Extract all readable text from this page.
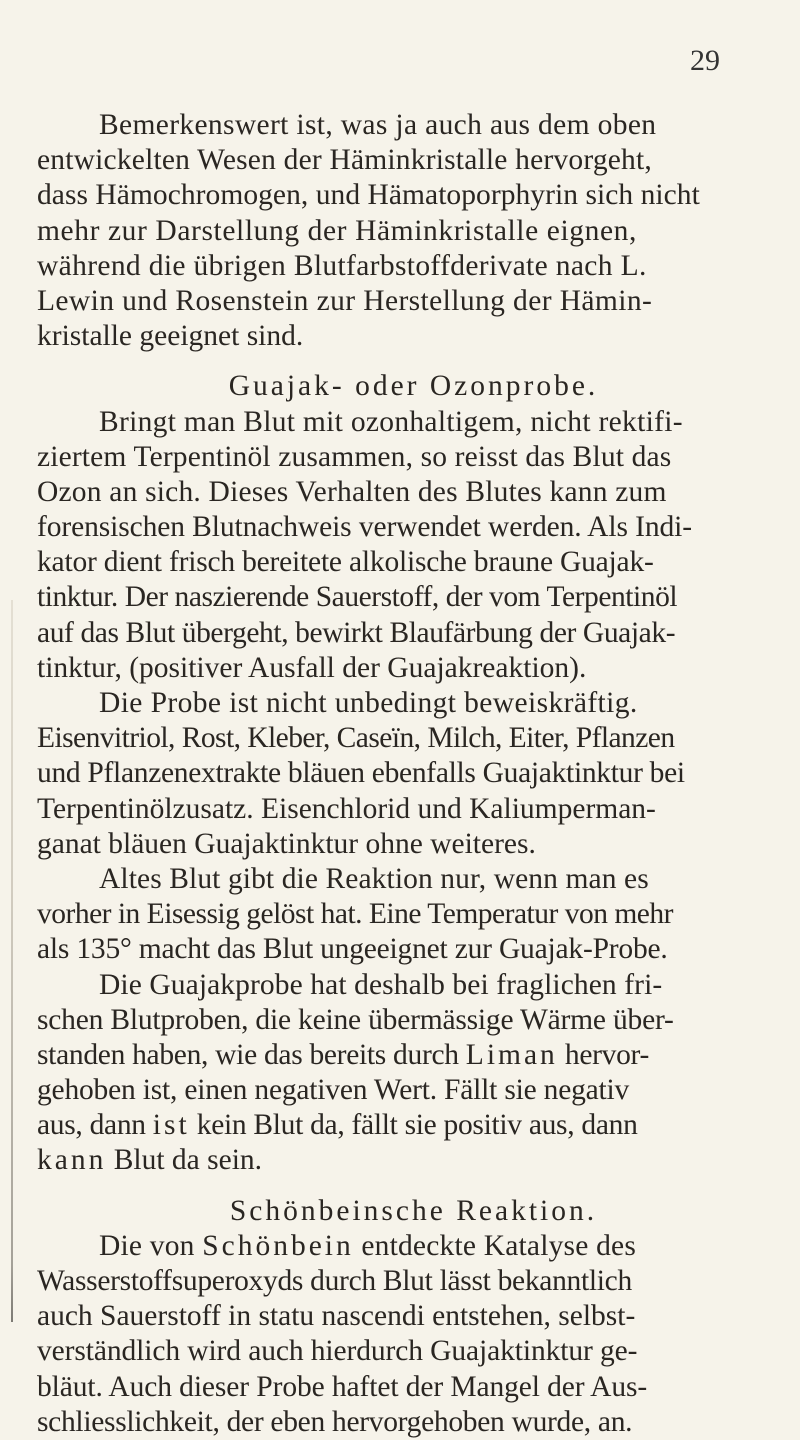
29
Bemerkenswert ist, was ja auch aus dem oben
entwickelten Wesen der Häminkristalle hervorgeht,
dass Hämochromogen, und Hämatoporphyrin sich nicht
mehr zur Darstellung der Häminkristalle eignen,
während die übrigen Blutfarbstoffderivate nach L.
Lewin und Rosenstein zur Herstellung der Hämin-
kristalle geeignet sind.
Guajak- oder Ozonprobe.
Bringt man Blut mit ozonhaltigem, nicht rektifi-
ziertem Terpentinöl zusammen, so reisst das Blut das
Ozon an sich. Dieses Verhalten des Blutes kann zum
forensischen Blutnachweis verwendet werden. Als Indi-
kator dient frisch bereitete alkolische braune Guajak-
tinktur. Der naszierende Sauerstoff, der vom Terpentinöl
auf das Blut übergeht, bewirkt Blaufärbung der Guajak-
tinktur, (positiver Ausfall der Guajakreaktion).
Die Probe ist nicht unbedingt beweiskräftig.
Eisenvitriol, Rost, Kleber, Caseïn, Milch, Eiter, Pflanzen
und Pflanzenextrakte bläuen ebenfalls Guajaktinktur bei
Terpentinölzusatz. Eisenchlorid und Kaliumperman-
ganat bläuen Guajaktinktur ohne weiteres.
Altes Blut gibt die Reaktion nur, wenn man es
vorher in Eisessig gelöst hat. Eine Temperatur von mehr
als 135° macht das Blut ungeeignet zur Guajak-Probe.
Die Guajakprobe hat deshalb bei fraglichen fri-
schen Blutproben, die keine übermässige Wärme über-
standen haben, wie das bereits durch Liman hervor-
gehoben ist, einen negativen Wert. Fällt sie negativ
aus, dann ist kein Blut da, fällt sie positiv aus, dann
kann Blut da sein.
Schönbeinsche Reaktion.
Die von Schönbein entdeckte Katalyse des
Wasserstoffsuperoxyds durch Blut lässt bekanntlich
auch Sauerstoff in statu nascendi entstehen, selbst-
verständlich wird auch hierdurch Guajaktinktur ge-
bläut. Auch dieser Probe haftet der Mangel der Aus-
schliesslichkeit, der eben hervorgehoben wurde, an.
